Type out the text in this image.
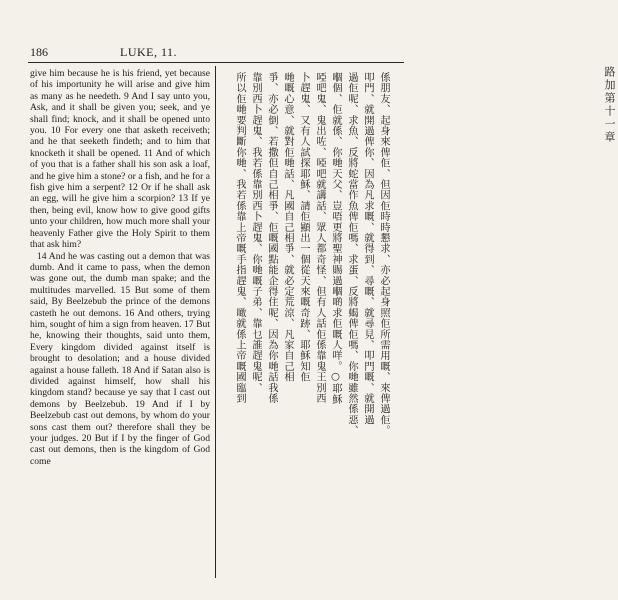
186	LUKE, 11.

give him because he is his friend, yet because of his importunity he will arise and give him as many as he needeth. 9 And I say unto you, Ask, and it shall be given you; seek, and ye shall find; knock, and it shall be opened unto you. 10 For every one that asketh receiveth; and he that seeketh findeth; and to him that knocketh it shall be opened. 11 And of which of you that is a father shall his son ask a loaf, and he give him a stone? or a fish, and he for a fish give him a serpent? 12 Or if he shall ask an egg, will he give him a scorpion? 13 If ye then, being evil, know how to give good gifts unto your children, how much more shall your heavenly Father give the Holy Spirit to them that ask him?

14 And he was casting out a demon that was dumb. And it came to pass, when the demon was gone out, the dumb man spake; and the multitudes marvelled. 15 But some of them said, By Beelzebub the prince of the demons casteth he out demons. 16 And others, trying him, sought of him a sign from heaven. 17 But he, knowing their thoughts, said unto them, Every kingdom divided against itself is brought to desolation; and a house divided against a house falleth. 18 And if Satan also is divided against himself, how shall his kingdom stand? because ye say that I cast out demons by Beelzebub. 19 And if I by Beelzebub cast out demons, by whom do your sons cast them out? therefore shall they be your judges. 20 But if I by the finger of God cast out demons, then is the kingdom of God come

路加第十一章
係朋友、起身來俾佢、但因佢時時懇求、亦必起身照佢所需用嘅、來俾過佢。
叩門、就開過俾你、因為凡求嘅、就得到、尋嘅、就尋見、叩門嘅、就開過
過佢呢、求魚、反將蛇當作魚俾佢嗎、求蛋、反將蝎俾佢嗎、你哋雖然係惡、
嗰個、佢就係、你哋天父、豈唔更將聖神賜過嗰啲求佢嘅人咩。○耶穌
啞吧鬼、鬼出咗、啞吧就講話、眾人都奇怪、但有人話佢係靠鬼王別西
卜趕鬼、又有人試探耶穌、請佢顯出一個從天來嘅奇跡、耶穌知佢
哋嘅心意、就對佢哋話、凡國自己相爭、就必定荒涼、凡家自己相
爭、亦必倒、若撒但自己相爭、佢嘅國點能企得住呢、因為你哋話我係
靠別西卜趕鬼、我若係靠別西卜趕鬼、你哋嘅子弟、靠乜誰趕鬼呢、
所以佢哋要判斷你哋、我若係靠上帝嘅手指趕鬼、噉就係上帝嘅國臨到
